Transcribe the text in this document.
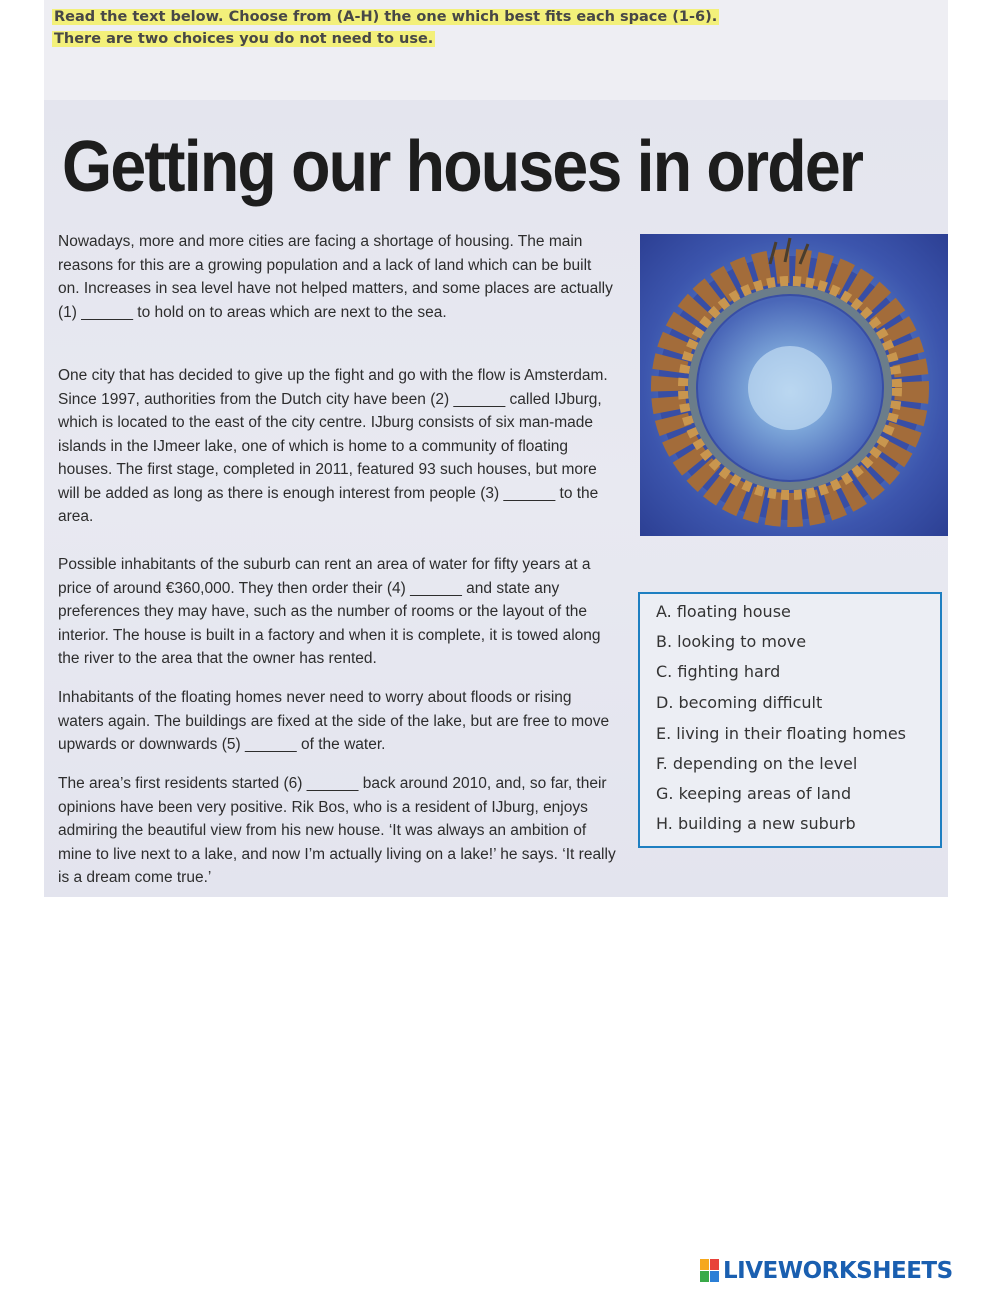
Read the text below. Choose from (A-H) the one which best fits each space (1-6).
There are two choices you do not need to use.
Getting our houses in order

Nowadays, more and more cities are facing a shortage of housing. The main reasons for this are a growing population and a lack of land which can be built on. Increases in sea level have not helped matters, and some places are actually (1) ______ to hold on to areas which are next to the sea.

One city that has decided to give up the fight and go with the flow is Amsterdam. Since 1997, authorities from the Dutch city have been (2) ______ called IJburg, which is located to the east of the city centre. IJburg consists of six man-made islands in the IJmeer lake, one of which is home to a community of floating houses. The first stage, completed in 2011, featured 93 such houses, but more will be added as long as there is enough interest from people (3) ______ to the area.

Possible inhabitants of the suburb can rent an area of water for fifty years at a price of around €360,000. They then order their (4) ______ and state any preferences they may have, such as the number of rooms or the layout of the interior. The house is built in a factory and when it is complete, it is towed along the river to the area that the owner has rented.

Inhabitants of the floating homes never need to worry about floods or rising waters again. The buildings are fixed at the side of the lake, but are free to move upwards or downwards (5) ______ of the water.

The area’s first residents started (6) ______ back around 2010, and, so far, their opinions have been very positive. Rik Bos, who is a resident of IJburg, enjoys admiring the beautiful view from his new house. ‘It was always an ambition of mine to live next to a lake, and now I’m actually living on a lake!’ he says. ‘It really is a dream come true.’

A. floating house
B. looking to move
C. fighting hard
D. becoming difficult
E. living in their floating homes
F. depending on the level
G. keeping areas of land
H. building a new suburb
LIVEWORKSHEETS
